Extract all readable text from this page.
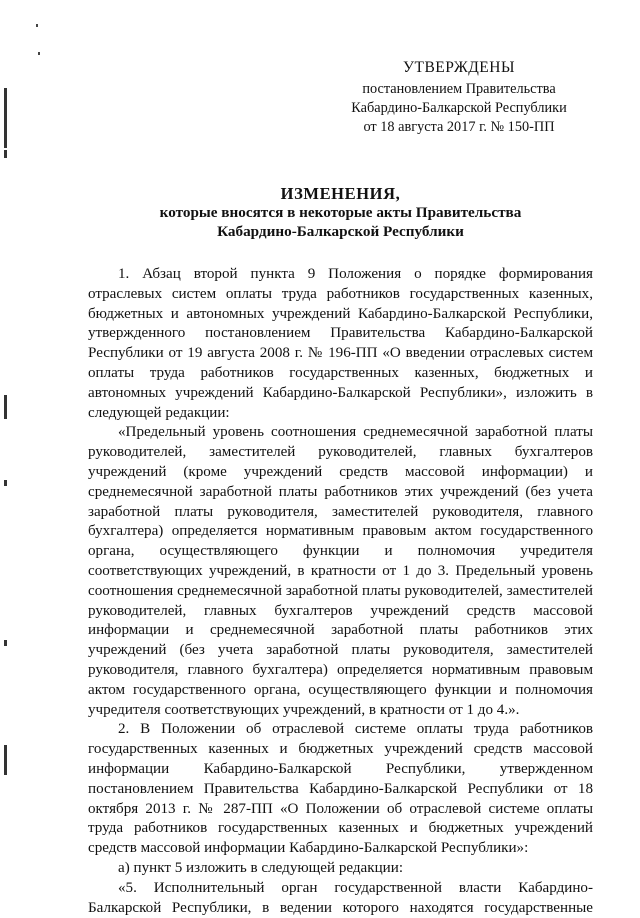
УТВЕРЖДЕНЫ
постановлением Правительства
Кабардино-Балкарской Республики
от 18 августа 2017 г. № 150-ПП
ИЗМЕНЕНИЯ,
которые вносятся в некоторые акты Правительства
Кабардино-Балкарской Республики

1. Абзац второй пункта 9 Положения о порядке формирования отраслевых систем оплаты труда работников государственных казенных, бюджетных и автономных учреждений Кабардино-Балкарской Республики, утвержденного постановлением Правительства Кабардино-Балкарской Республики от 19 августа 2008 г. № 196-ПП «О введении отраслевых систем оплаты труда работников государственных казенных, бюджетных и автономных учреждений Кабардино-Балкарской Республики», изложить в следующей редакции:

«Предельный уровень соотношения среднемесячной заработной платы руководителей, заместителей руководителей, главных бухгалтеров учреждений (кроме учреждений средств массовой информации) и среднемесячной заработной платы работников этих учреждений (без учета заработной платы руководителя, заместителей руководителя, главного бухгалтера) определяется нормативным правовым актом государственного органа, осуществляющего функции и полномочия учредителя соответствующих учреждений, в кратности от 1 до 3. Предельный уровень соотношения среднемесячной заработной платы руководителей, заместителей руководителей, главных бухгалтеров учреждений средств массовой информации и среднемесячной заработной платы работников этих учреждений (без учета заработной платы руководителя, заместителей руководителя, главного бухгалтера) определяется нормативным правовым актом государственного органа, осуществляющего функции и полномочия учредителя соответствующих учреждений, в кратности от 1 до 4.».

2. В Положении об отраслевой системе оплаты труда работников государственных казенных и бюджетных учреждений средств массовой информации Кабардино-Балкарской Республики, утвержденном постановлением Правительства Кабардино-Балкарской Республики от 18 октября 2013 г. № 287-ПП «О Положении об отраслевой системе оплаты труда работников государственных казенных и бюджетных учреждений средств массовой информации Кабардино-Балкарской Республики»:

а) пункт 5 изложить в следующей редакции:

«5. Исполнительный орган государственной власти Кабардино-Балкарской Республики, в ведении которого находятся государственные
